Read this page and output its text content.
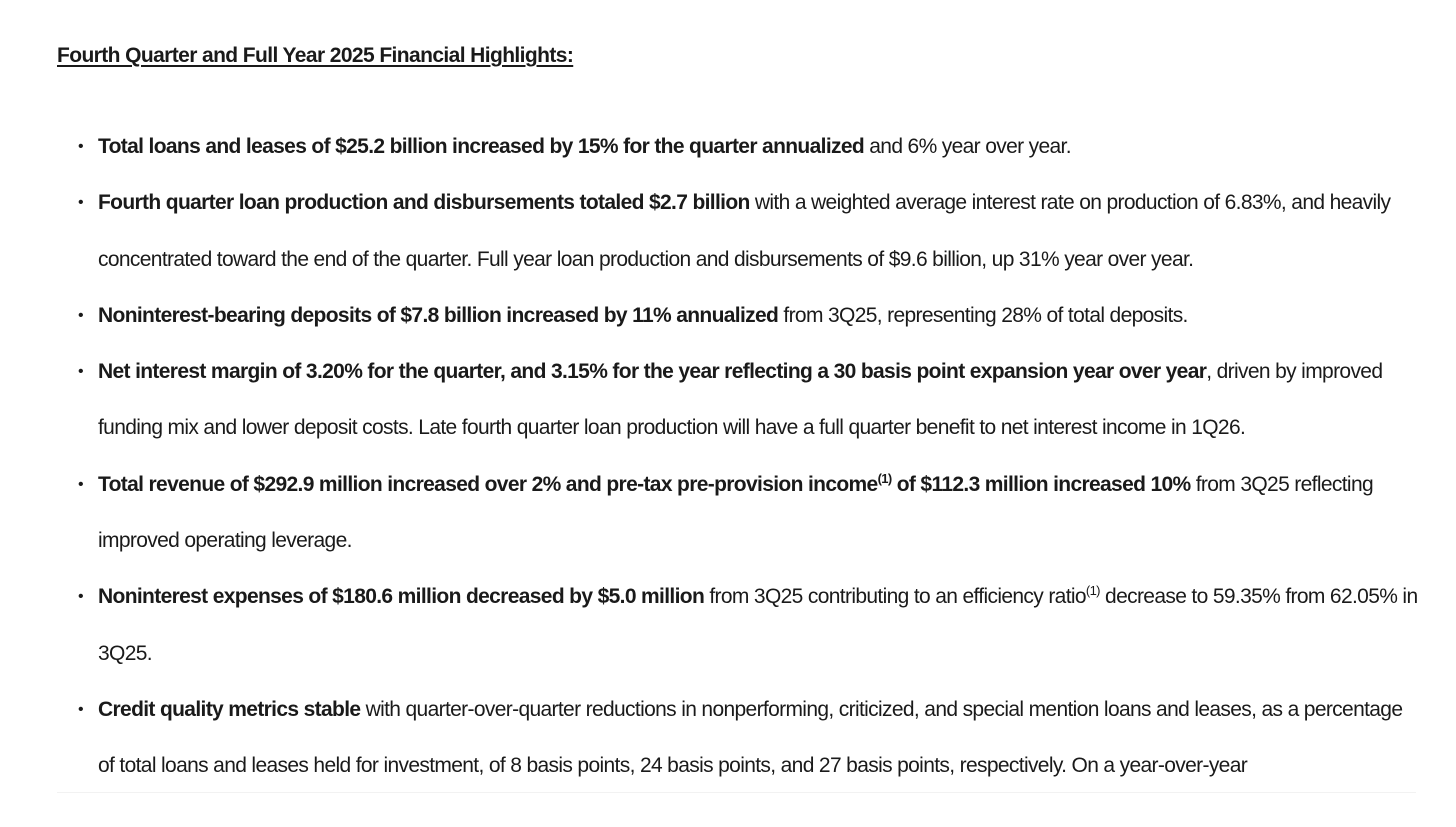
Fourth Quarter and Full Year 2025 Financial Highlights:
• Total loans and leases of $25.2 billion increased by 15% for the quarter annualized and 6% year over year.
• Fourth quarter loan production and disbursements totaled $2.7 billion with a weighted average interest rate on production of 6.83%, and heavily concentrated toward the end of the quarter. Full year loan production and disbursements of $9.6 billion, up 31% year over year.
• Noninterest-bearing deposits of $7.8 billion increased by 11% annualized from 3Q25, representing 28% of total deposits.
• Net interest margin of 3.20% for the quarter, and 3.15% for the year reflecting a 30 basis point expansion year over year, driven by improved funding mix and lower deposit costs. Late fourth quarter loan production will have a full quarter benefit to net interest income in 1Q26.
• Total revenue of $292.9 million increased over 2% and pre-tax pre-provision income$^{(1)}$ of $112.3 million increased 10% from 3Q25 reflecting improved operating leverage.
• Noninterest expenses of $180.6 million decreased by $5.0 million from 3Q25 contributing to an efficiency ratio$^{(1)}$ decrease to 59.35% from 62.05% in 3Q25.
• Credit quality metrics stable with quarter-over-quarter reductions in nonperforming, criticized, and special mention loans and leases, as a percentage of total loans and leases held for investment, of 8 basis points, 24 basis points, and 27 basis points, respectively. On a year-over-year
